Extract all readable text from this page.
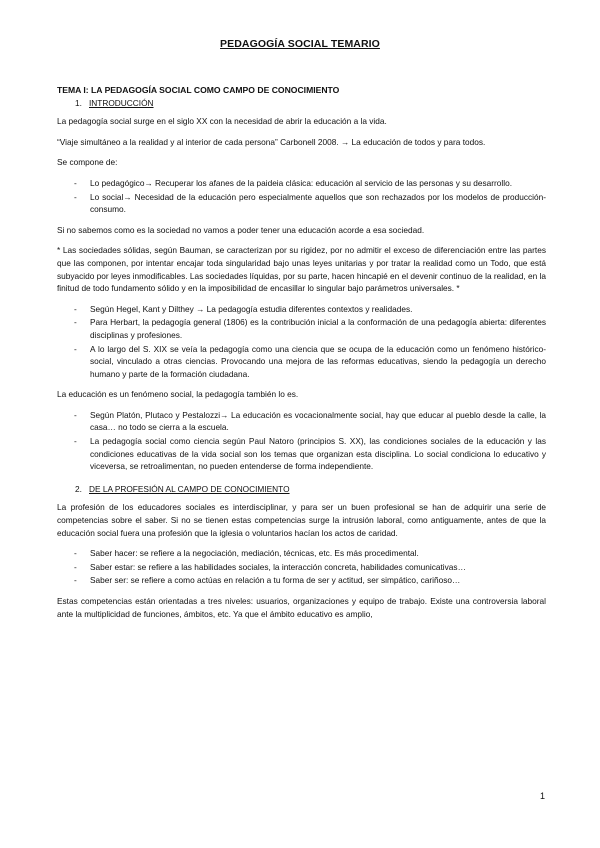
PEDAGOGÍA SOCIAL TEMARIO

TEMA I: LA PEDAGOGÍA SOCIAL COMO CAMPO DE CONOCIMIENTO

1. INTRODUCCIÓN

La pedagogía social surge en el siglo XX con la necesidad de abrir la educación a la vida.

“Viaje simultáneo a la realidad y al interior de cada persona” Carbonell 2008. → La educación de todos y para todos.

Se compone de:

- Lo pedagógico→ Recuperar los afanes de la paideia clásica: educación al servicio de las personas y su desarrollo.
- Lo social→ Necesidad de la educación pero especialmente aquellos que son rechazados por los modelos de producción-consumo.

Si no sabemos como es la sociedad no vamos a poder tener una educación acorde a esa sociedad.

* Las sociedades sólidas, según Bauman, se caracterizan por su rigidez, por no admitir el exceso de diferenciación entre las partes que las componen, por intentar encajar toda singularidad bajo unas leyes unitarias y por tratar la realidad como un Todo, que está subyacido por leyes inmodificables. Las sociedades líquidas, por su parte, hacen hincapié en el devenir continuo de la realidad, en la finitud de todo fundamento sólido y en la imposibilidad de encasillar lo singular bajo parámetros universales. *

- Según Hegel, Kant y Dilthey → La pedagogía estudia diferentes contextos y realidades.
- Para Herbart, la pedagogía general (1806) es la contribución inicial a la conformación de una pedagogía abierta: diferentes disciplinas y profesiones.
- A lo largo del S. XIX se veía la pedagogía como una ciencia que se ocupa de la educación como un fenómeno histórico-social, vinculado a otras ciencias. Provocando una mejora de las reformas educativas, siendo la pedagogía un derecho humano y parte de la formación ciudadana.

La educación es un fenómeno social, la pedagogía también lo es.

- Según Platón, Plutaco y Pestalozzi→ La educación es vocacionalmente social, hay que educar al pueblo desde la calle, la casa… no todo se cierra a la escuela.
- La pedagogía social como ciencia según Paul Natoro (principios S. XX), las condiciones sociales de la educación y las condiciones educativas de la vida social son los temas que organizan esta disciplina. Lo social condiciona lo educativo y viceversa, se retroalimentan, no pueden entenderse de forma independiente.

2. DE LA PROFESIÓN AL CAMPO DE CONOCIMIENTO

La profesión de los educadores sociales es interdisciplinar, y para ser un buen profesional se han de adquirir una serie de competencias sobre el saber. Si no se tienen estas competencias surge la intrusión laboral, como antiguamente, antes de que la educación social fuera una profesión que la iglesia o voluntarios hacían los actos de caridad.

- Saber hacer: se refiere a la negociación, mediación, técnicas, etc. Es más procedimental.
- Saber estar: se refiere a las habilidades sociales, la interacción concreta, habilidades comunicativas…
- Saber ser: se refiere a como actúas en relación a tu forma de ser y actitud, ser simpático, cariñoso…

Estas competencias están orientadas a tres niveles: usuarios, organizaciones y equipo de trabajo. Existe una controversia laboral ante la multiplicidad de funciones, ámbitos, etc. Ya que el ámbito educativo es amplio,

1
